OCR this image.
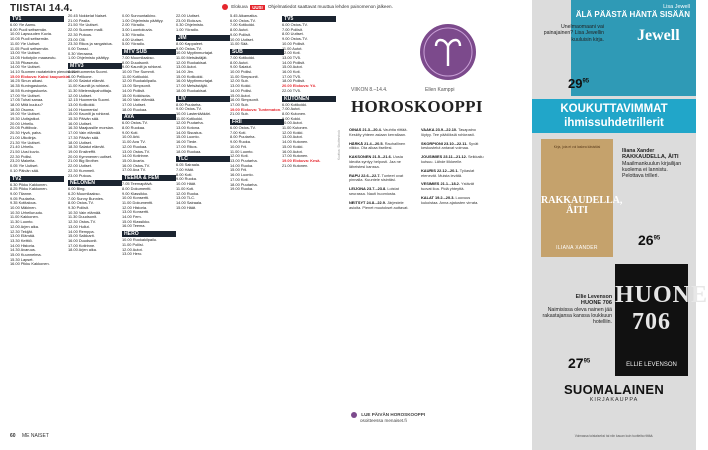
TIISTAI 14.4.	Elokuva UUSI Ohjelmatiedot saattavat muuttua lehden painomenon jälkeen.
TV1
6.00 Yle Aamu.
8.00 Puoli seitsemän.
10.00 Lapsuuden Kuvia.
10.05 Puoli seitsemän.
11.00 Yle Uutiset.
11.05 Puoli seitsemän.
13.00 Yle Uutiset.
13.05 Hoitotyön maaseutu.
13.35 Pikaseutu.
14.00 Yle Uutiset.
14.10 Suomen rautateiden pienoiskuva.
15.00 Elokuva: Kaksi kaupunkia.
16.25 Sinun aikasi.
16.35 Kuningaskunta.
16.55 Kuningaskunta.
17.00 Yle Uutiset.
17.05 Tuhat sanaa.
18.00 Mitä kuuluu?
18.30 Osuma.
19.00 Yle Uutiset.
19.30 Uutisjatkot.
20.00 Urheilu.
20.05 Pulttiboiz.
20.30 Hyvä, paha.
21.00 Ulkolinja.
21.30 Yle Uutiset.
21.40 Urheilu.
21.50 Uusi kuvio.
22.30 Poliisi.
23.20 Makeita.
0.05 Yle Uutiset.
0.10 Päivän sää.
TV2
6.30 Pikku Kakkonen.
8.25 Pikku Kakkonen.
9.00 Tilanne.
9.05 Puutarha.
9.35 Kotitalous.
10.00 Mäkinen.
10.30 Urheiluruutu.
11.00 Kakkonen.
11.30 Luonto.
12.00 Arjen aika.
12.30 Tekijät.
13.00 Elämää.
13.30 Keittiö.
14.00 Historia.
14.30 Avaruus.
15.00 Kuunnelma.
15.30 Lapset.
16.00 Pikku Kakkonen.
20.45 Nokkelat Naiset.
21.00 Pasila.
21.50 Yle Uutiset.
22.00 Suomen malli.
22.30 Putous.
23.00 Olli.
23.30 Rikos ja rangaistus.
0.00 Tanssi.
0.30 Vieraana.
1.00 Ohjelmisto päättyy.
MTV3
6.15 Huomenta Suomi.
9.00 Pelikone.
10.00 Salatut elämät.
11.00 Kauniit ja rohkeat.
11.30 Mielensäpahoittaja.
12.00 Uutiset.
12.15 Huomenta Suomi.
13.00 Kotikokki.
14.00 Huomenta!
15.00 Kauniit ja rohkeat.
15.30 Päivän sää.
16.00 Uutiset.
16.30 Maajussille morsian.
17.00 Vain elämää.
17.30 Päivän sää.
18.00 Uutiset.
18.30 Salatut elämät.
19.00 Ensitreffit.
20.00 Kymmenen uutiset.
21.00 Big Brother.
22.00 Uutiset.
22.30 Kummeli.
23.00 Putous.
NELONEN
6.00 Bing.
6.20 Muumilaakso.
7.00 Sunny Bunnies.
8.00 Ostos-TV.
9.30 Poliisit.
10.30 Vain elämää.
11.30 Duudsonit.
12.30 Ostos-TV.
13.00 Hullut.
14.00 Remppa.
15.00 Salkkarit.
16.00 Duudsonit.
17.00 Kotirinne.
18.00 Arjen aika.
0.00 Sunnuntaikino.
1.00 Ohjelmisto päättyy.
2.00 Yöradio.
3.00 Luontokuvia.
3.30 Yöradio.
4.00 Uutiset.
5.00 Yöradio.
MTV SUB
7.00 Muumilaakso.
8.00 Duudsonit.
9.00 Kauniit ja rohkeat.
10.00 The Summit.
11.00 Kotikokki.
12.00 Ruokakilpailu.
13.00 Simpsonit.
14.00 Poliisit.
15.00 Kokkisota.
16.00 Vain elämää.
17.00 Uutiset.
18.00 Ruokaa.
AVA
6.00 Ostos-TV.
8.00 Ruokaa.
9.00 Koti.
10.00 Arki.
11.00 Ava TV.
12.00 Ruokaa.
13.00 Ostos-TV.
14.00 Kotirinne.
15.00 Avarta.
16.00 Ostos-TV.
17.00 Ava TV.
TEEMA & FEM
7.05 Teemapäivä.
8.00 Dokumentti.
9.00 Klassikko.
10.00 Konsertti.
11.00 Dokumentti.
12.00 Historia.
13.00 Konsertti.
14.00 Fem.
15.00 Klassikko.
16.00 Teema.
HERO
10.00 Ruokakilpailu.
11.00 Poliisi.
12.00 Autot.
13.00 Hero.
22.00 Uutiset.
23.00 Elokuva.
0.30 Ohjelmisto.
1.00 Yöradio.
JIM
8.00 Kappaleet.
9.00 Ostos-TV.
10.00 Myytinmurtajat.
11.00 Metsästäjät.
12.00 Ruokakisat.
13.00 Autot.
14.00 Jim.
15.00 Kotikokki.
16.00 Myytinmurtajat.
17.00 Metsästäjät.
18.00 Ruokakisat.
LIV
8.00 Puutarha.
9.00 Ostos-TV.
10.00 Lastenlääkäri.
11.00 Kotikokki.
12.00 Puutarha.
13.00 Kotona.
14.00 Sisustus.
15.00 Luonto.
16.00 Tiede.
17.00 Rikos.
18.00 Ruokaa.
TLC
6.05 Sairaala.
7.00 Häät.
8.00 Koti.
9.00 Ruoka.
10.00 Häät.
11.00 Koti.
12.00 Ruoka.
13.00 TLC.
14.00 Sairaala.
15.00 Häät.
5.45 Aikamatka.
6.00 Ostos-TV.
7.00 Kotikokki.
8.00 Autot.
9.00 Poliisit.
10.00 Uutiset.
11.00 Sää.
SUB
7.00 Kotikokki.
8.00 Autot.
9.00 Salatut.
10.00 Poliisi.
11.00 Simpsonit.
12.00 Sub.
13.00 Kokki.
14.00 Poliisi.
15.00 Autot.
16.00 Simpsonit.
17.00 Sub.
19.00 Elokuva: Tuntematon.
21.00 Sub.
FRII
6.00 Ostos-TV.
7.00 Koti.
8.00 Puutarha.
9.00 Ruoka.
10.00 Frii.
11.00 Luonto.
12.00 Koti.
13.00 Puutarha.
14.00 Ruoka.
15.00 Frii.
16.00 Luonto.
17.00 Koti.
18.00 Puutarha.
19.00 Ruoka.
TV5
6.00 Ostos-TV.
7.00 Poliisit.
8.00 Uutiset.
9.00 Ostos-TV.
10.00 Poliisit.
11.00 Autot.
12.00 Koti.
13.00 TV5.
14.00 Poliisit.
15.00 Autot.
16.00 Koti.
17.00 TV5.
18.00 Poliisit.
20.00 Elokuva: Yö.
22.00 TV5.
KUTONEN
6.00 Kotikokki.
7.00 Autot.
8.00 Kutonen.
9.00 Kokki.
10.00 Autot.
11.00 Kutonen.
12.00 Kokki.
13.00 Autot.
14.00 Kutonen.
15.00 Kokki.
16.00 Autot.
17.00 Kutonen.
19.00 Elokuva: Kesä.
21.00 Kutonen.
VIIKON 8.–14.4.	Ellen Kamppi
HOROSKOOPPI
Kuvitus: Shutterstock
OINAS 21.3.–20.4. Vauhtia riittää. Keskity yhteen asiaan kerrallaan.
HÄRKÄ 21.4.–20.5. Rauhallinen viikko. Ota aikaa itsellesi.
KAKSONEN 21.5.–21.6. Uusia ideoita syntyy helposti. Jaa ne läheistesi kanssa.
RAPU 22.6.–22.7. Tunteet ovat pinnalla. Kuuntele sisintäsi.
LEIJONA 23.7.–23.8. Loistat seurassa. Nauti huomiosta.
NEITSYT 24.8.–22.9. Järjestele asioita. Pienet muutokset auttavat.
VAAKA 23.9.–22.10. Tasapaino löytyy. Tee päätöksiä rohkeasti.
SKORPIONI 23.10.–22.11. Syvät keskustelut antavat voimaa.
JOUSIMIES 23.11.–21.12. Seikkailu kutsuu. Lähde liikkeelle.
KAURIS 22.12.–20.1. Työasiat etenevät. Muista levätä.
VESIMIES 21.1.–18.2. Ystävät tuovat iloa. Pidä yhteyttä.
KALAT 19.2.–20.3. Luovuus kukoistaa. Anna ajatusten virrata.
LUE PÄIVÄN HOROSKOOPPI
osoitteessa menaiset.fi
60 ME NAISET
Lisa Jewell
ÄLÄ PÄÄSTÄ HÄNTÄ SISÄÄN
Jewell
Unelmaomaani vai painajainen? Lisa Jewellin kuuluisin kirja.
$29^{95}$
KOUKUTTAVIMMAT ihmissuhdetrillerit
Kirja, jota et voi laskea käsistäsi
RAKKAUDELLA, ÄITI
ILIANA XANDER
Iliana Xander
RAKKAUDELLA, ÄITI
Maailmankuulun kirjailijan kuolema ei lannistu. Pelottava trilleri.
$26^{95}$
HUONE 706
ELLIE LEVENSON
Ellie Levenson
HUONE 706
Naimisissa oleva nainen jää rakastajansa kanssa loukkuun hotelliin.
$27^{95}$
SUOMALAINEN
KIRJAKAUPPA
Voimassa toistaiseksi tai niin kauan kuin tuotteita riittää.
